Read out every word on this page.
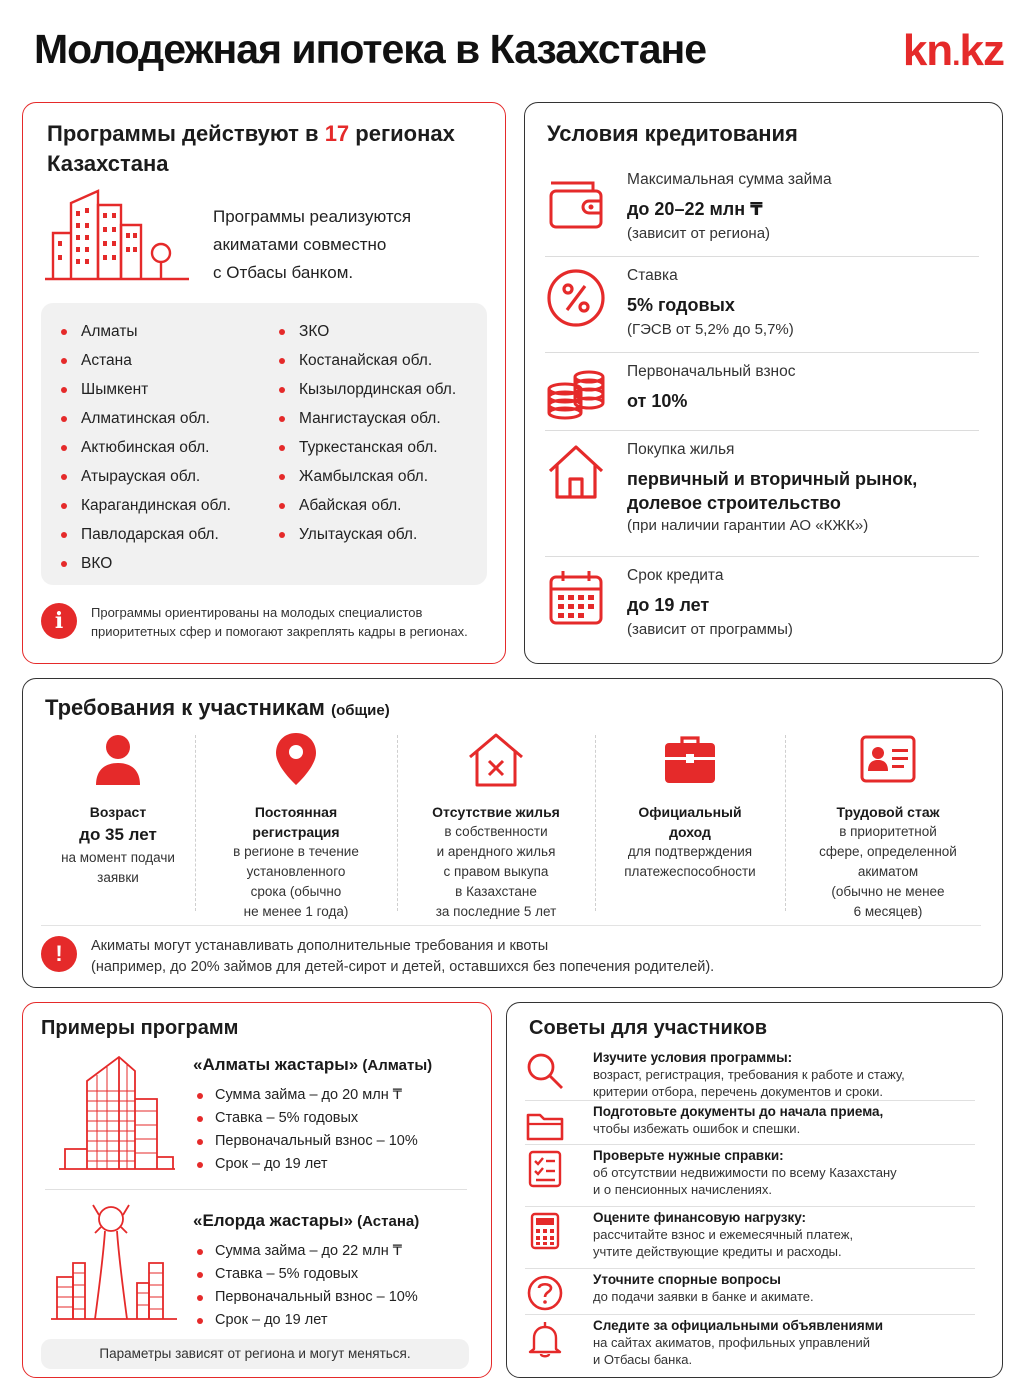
Молодежная ипотека в Казахстане	kn.kz
Программы действуют в 17 регионах Казахстана
Программы реализуются
акиматами совместно
с Отбасы банком.
Алматы
Астана
Шымкент
Алматинская обл.
Актюбинская обл.
Атырауская обл.
Карагандинская обл.
Павлодарская обл.
ВКО
ЗКО
Костанайская обл.
Кызылординская обл.
Мангистауская обл.
Туркестанская обл.
Жамбылская обл.
Абайская обл.
Улытауская обл.
i	Программы ориентированы на молодых специалистов
приоритетных сфер и помогают закреплять кадры в регионах.
Условия кредитования
Максимальная сумма займа
до 20–22 млн ₸
(зависит от региона)
Ставка
5% годовых
(ГЭСВ от 5,2% до 5,7%)
Первоначальный взнос
от 10%
Покупка жилья
первичный и вторичный рынок,
долевое строительство
(при наличии гарантии АО «КЖК»)
Срок кредита
до 19 лет
(зависит от программы)
Требования к участникам (общие)
Возраст
до 35 лет
на момент подачи
заявки
Постоянная
регистрация
в регионе в течение
установленного
срока (обычно
не менее 1 года)
Отсутствие жилья
в собственности
и арендного жилья
с правом выкупа
в Казахстане
за последние 5 лет
Официальный
доход
для подтверждения
платежеспособности
Трудовой стаж
в приоритетной
сфере, определенной
акиматом
(обычно не менее
6 месяцев)
!	Акиматы могут устанавливать дополнительные требования и квоты
(например, до 20% займов для детей-сирот и детей, оставшихся без попечения родителей).
Примеры программ
«Алматы жастары» (Алматы)
Сумма займа – до 20 млн ₸
Ставка – 5% годовых
Первоначальный взнос – 10%
Срок – до 19 лет
«Елорда жастары» (Астана)
Сумма займа – до 22 млн ₸
Ставка – 5% годовых
Первоначальный взнос – 10%
Срок – до 19 лет
Параметры зависят от региона и могут меняться.
Советы для участников
Изучите условия программы:
возраст, регистрация, требования к работе и стажу,
критерии отбора, перечень документов и сроки.
Подготовьте документы до начала приема,
чтобы избежать ошибок и спешки.
Проверьте нужные справки:
об отсутствии недвижимости по всему Казахстану
и о пенсионных начислениях.
Оцените финансовую нагрузку:
рассчитайте взнос и ежемесячный платеж,
учтите действующие кредиты и расходы.
Уточните спорные вопросы
до подачи заявки в банке и акимате.
Следите за официальными объявлениями
на сайтах акиматов, профильных управлений
и Отбасы банка.
